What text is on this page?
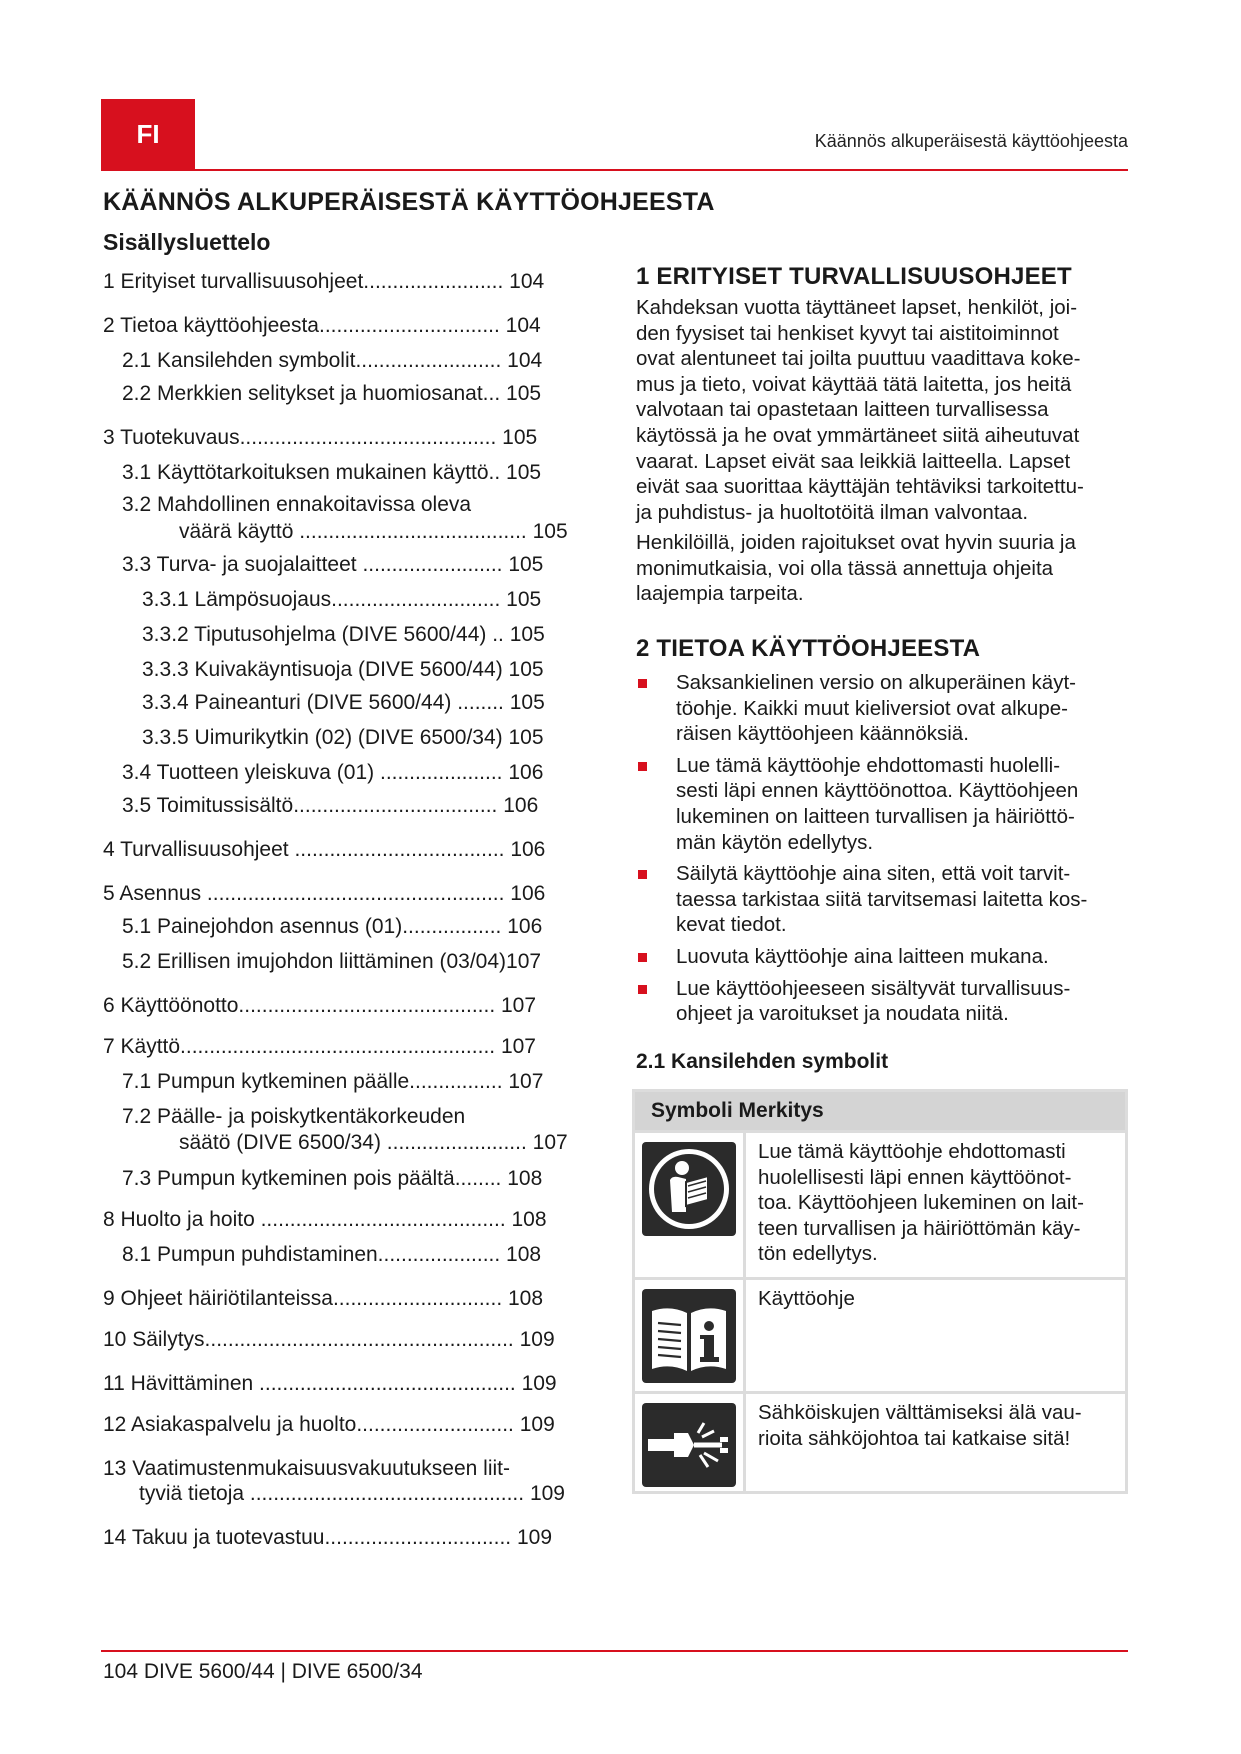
FI	Käännös alkuperäisestä käyttöohjeesta
KÄÄNNÖS ALKUPERÄISESTÄ KÄYTTÖOHJEESTA
Sisällysluettelo
1 Erityiset turvallisuusohjeet........................ 104
2 Tietoa käyttöohjeesta............................... 104
2.1 Kansilehden symbolit......................... 104
2.2 Merkkien selitykset ja huomiosanat... 105
3 Tuotekuvaus............................................ 105
3.1 Käyttötarkoituksen mukainen käyttö.. 105
3.2 Mahdollinen ennakoitavissa oleva
väärä käyttö ....................................... 105
3.3 Turva- ja suojalaitteet ........................ 105
3.3.1 Lämpösuojaus............................. 105
3.3.2 Tiputusohjelma (DIVE 5600/44) .. 105
3.3.3 Kuivakäyntisuoja (DIVE 5600/44) 105
3.3.4 Paineanturi (DIVE 5600/44) ........ 105
3.3.5 Uimurikytkin (02) (DIVE 6500/34) 105
3.4 Tuotteen yleiskuva (01) ..................... 106
3.5 Toimitussisältö................................... 106
4 Turvallisuusohjeet .................................... 106
5 Asennus ................................................... 106
5.1 Painejohdon asennus (01)................. 106
5.2 Erillisen imujohdon liittäminen (03/04)107
6 Käyttöönotto............................................ 107
7 Käyttö...................................................... 107
7.1 Pumpun kytkeminen päälle................ 107
7.2 Päälle- ja poiskytkentäkorkeuden
säätö (DIVE 6500/34) ........................ 107
7.3 Pumpun kytkeminen pois päältä........ 108
8 Huolto ja hoito .......................................... 108
8.1 Pumpun puhdistaminen..................... 108
9 Ohjeet häiriötilanteissa............................. 108
10 Säilytys..................................................... 109
11 Hävittäminen ............................................ 109
12 Asiakaspalvelu ja huolto........................... 109
13 Vaatimustenmukaisuusvakuutukseen liit-
tyviä tietoja ............................................... 109
14 Takuu ja tuotevastuu................................ 109
1 ERITYISET TURVALLISUUSOHJEET
Kahdeksan vuotta täyttäneet lapset, henkilöt, joi-
den fyysiset tai henkiset kyvyt tai aistitoiminnot
ovat alentuneet tai joilta puuttuu vaadittava koke-
mus ja tieto, voivat käyttää tätä laitetta, jos heitä
valvotaan tai opastetaan laitteen turvallisessa
käytössä ja he ovat ymmärtäneet siitä aiheutuvat
vaarat. Lapset eivät saa leikkiä laitteella. Lapset
eivät saa suorittaa käyttäjän tehtäviksi tarkoitettu-
ja puhdistus- ja huoltotöitä ilman valvontaa.
Henkilöillä, joiden rajoitukset ovat hyvin suuria ja
monimutkaisia, voi olla tässä annettuja ohjeita
laajempia tarpeita.
2 TIETOA KÄYTTÖOHJEESTA
Saksankielinen versio on alkuperäinen käyt-
töohje. Kaikki muut kieliversiot ovat alkupe-
räisen käyttöohjeen käännöksiä.
Lue tämä käyttöohje ehdottomasti huolelli-
sesti läpi ennen käyttöönottoa. Käyttöohjeen
lukeminen on laitteen turvallisen ja häiriöttö-
män käytön edellytys.
Säilytä käyttöohje aina siten, että voit tarvit-
taessa tarkistaa siitä tarvitsemasi laitetta kos-
kevat tiedot.
Luovuta käyttöohje aina laitteen mukana.
Lue käyttöohjeeseen sisältyvät turvallisuus-
ohjeet ja varoitukset ja noudata niitä.
2.1 Kansilehden symbolit
Symboli Merkitys	

Lue tämä käyttöohje ehdottomasti
huolellisesti läpi ennen käyttöönot-
toa. Käyttöohjeen lukeminen on lait-
teen turvallisen ja häiriöttömän käy-
tön edellytys.

Käyttöohje

Sähköiskujen välttämiseksi älä vau-
rioita sähköjohtoa tai katkaise sitä!
104 DIVE 5600/44 | DIVE 6500/34
